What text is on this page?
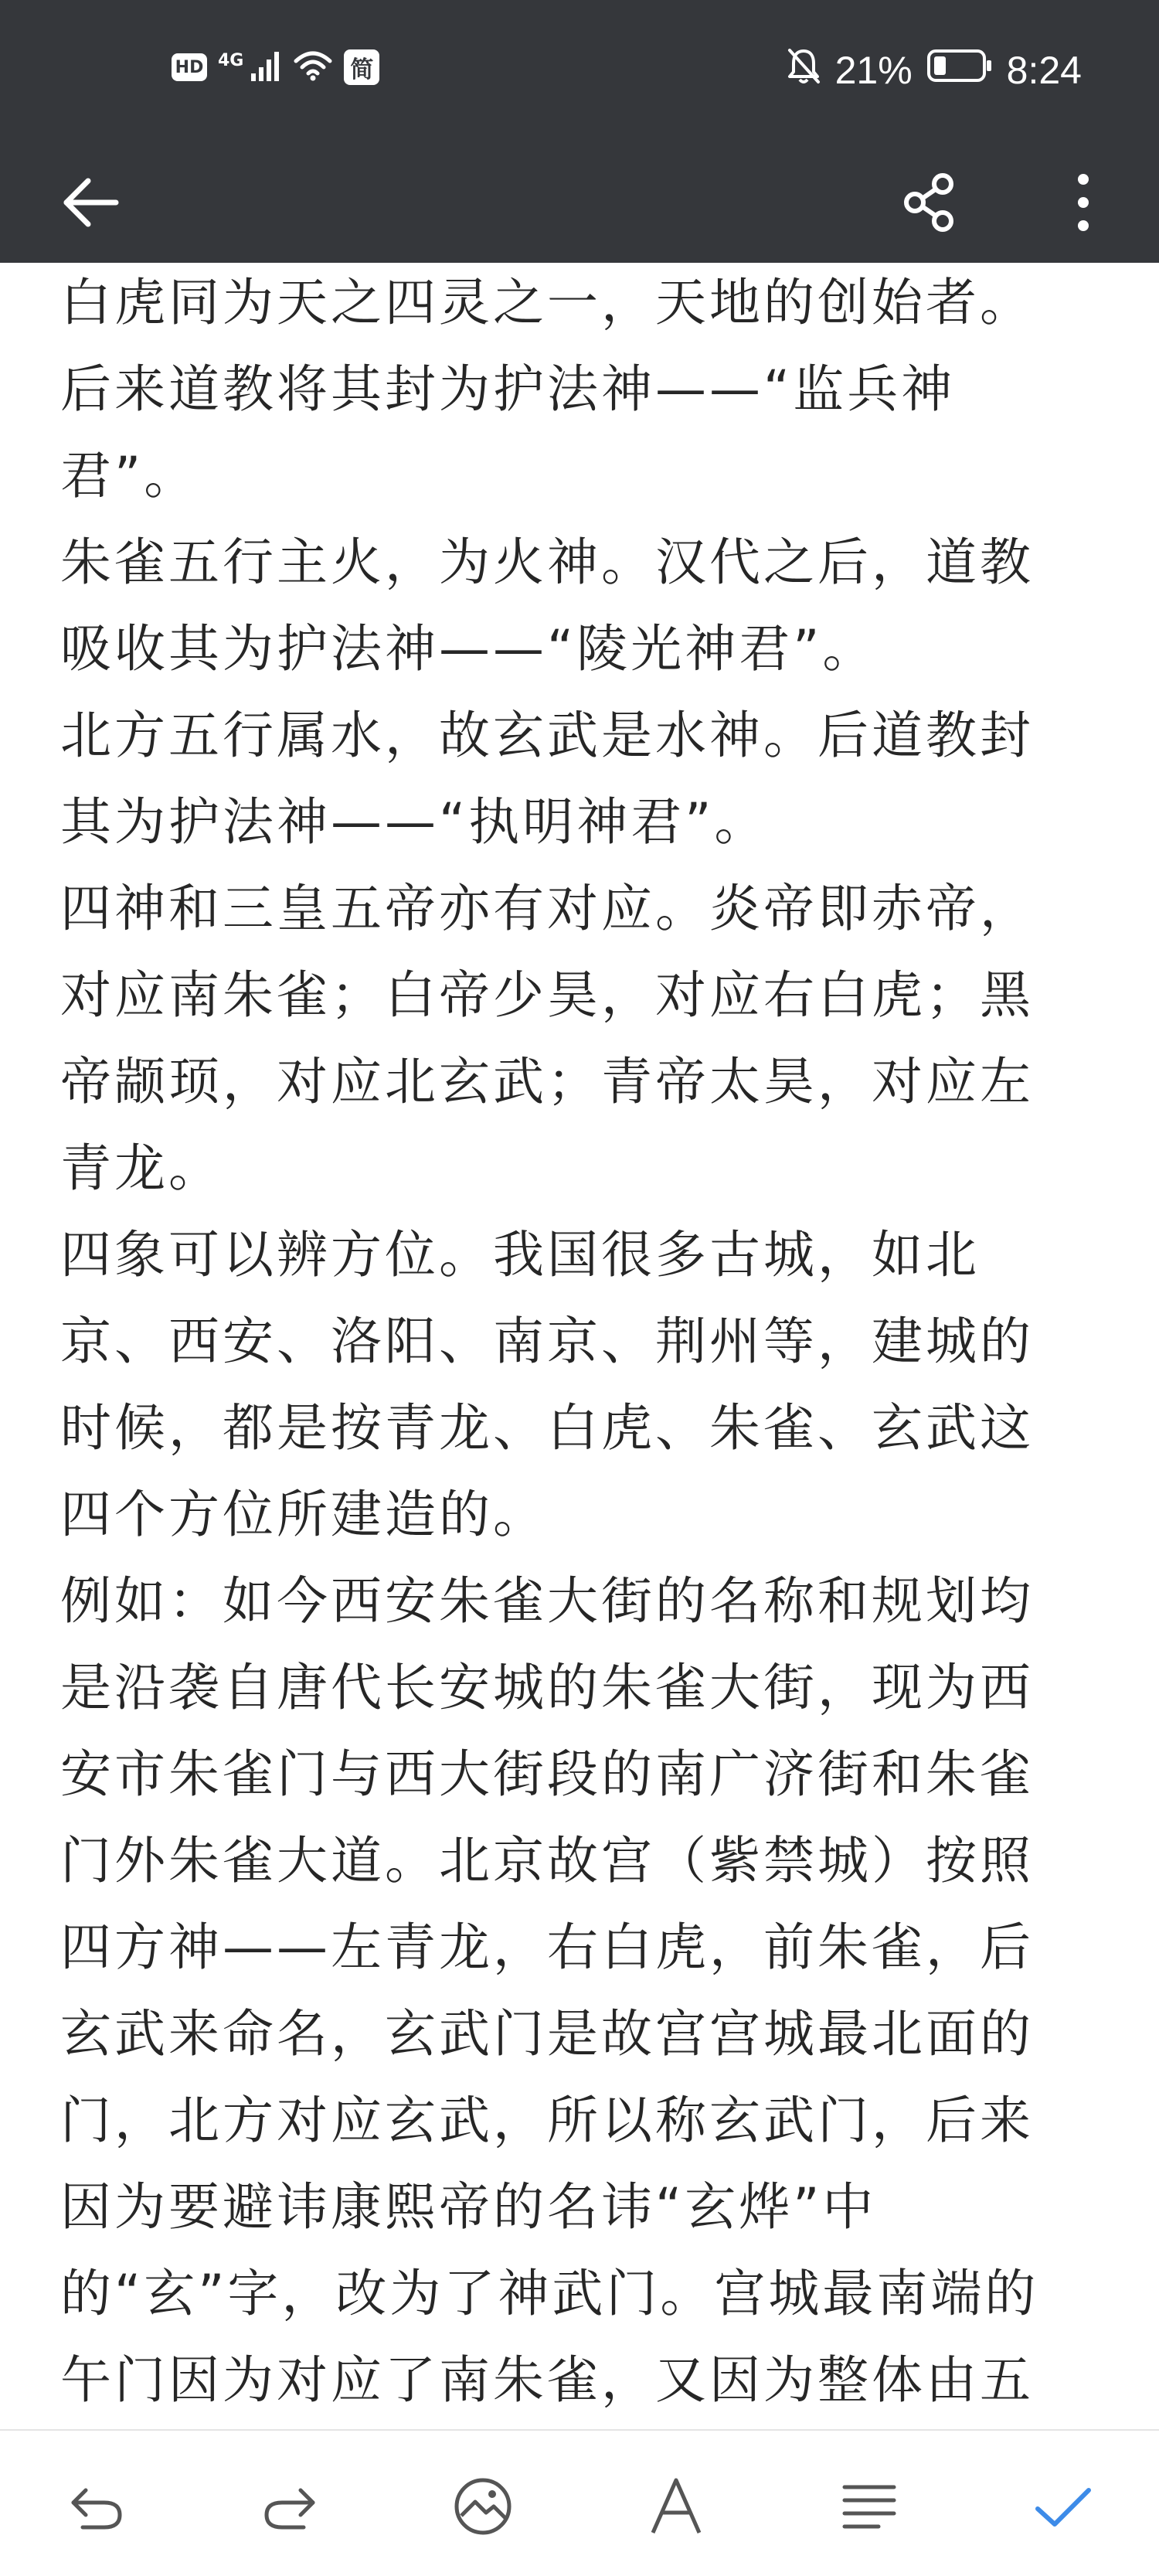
HD 4G	简	21% 8:24
白虎同为天之四灵之一，天地的创始者。
后来道教将其封为护法神——“监兵神
君”。
朱雀五行主火，为火神。汉代之后，道教
吸收其为护法神——“陵光神君”。
北方五行属水，故玄武是水神。后道教封
其为护法神——“执明神君”。
四神和三皇五帝亦有对应。炎帝即赤帝，
对应南朱雀；白帝少昊，对应右白虎；黑
帝颛顼，对应北玄武；青帝太昊，对应左
青龙。
四象可以辨方位。我国很多古城，如北
京、西安、洛阳、南京、荆州等，建城的
时候，都是按青龙、白虎、朱雀、玄武这
四个方位所建造的。
例如：如今西安朱雀大街的名称和规划均
是沿袭自唐代长安城的朱雀大街，现为西
安市朱雀门与西大街段的南广济街和朱雀
门外朱雀大道。北京故宫（紫禁城）按照
四方神——左青龙，右白虎，前朱雀，后
玄武来命名，玄武门是故宫宫城最北面的
门，北方对应玄武，所以称玄武门，后来
因为要避讳康熙帝的名讳“玄烨”中
的“玄”字，改为了神武门。宫城最南端的
午门因为对应了南朱雀，又因为整体由五
